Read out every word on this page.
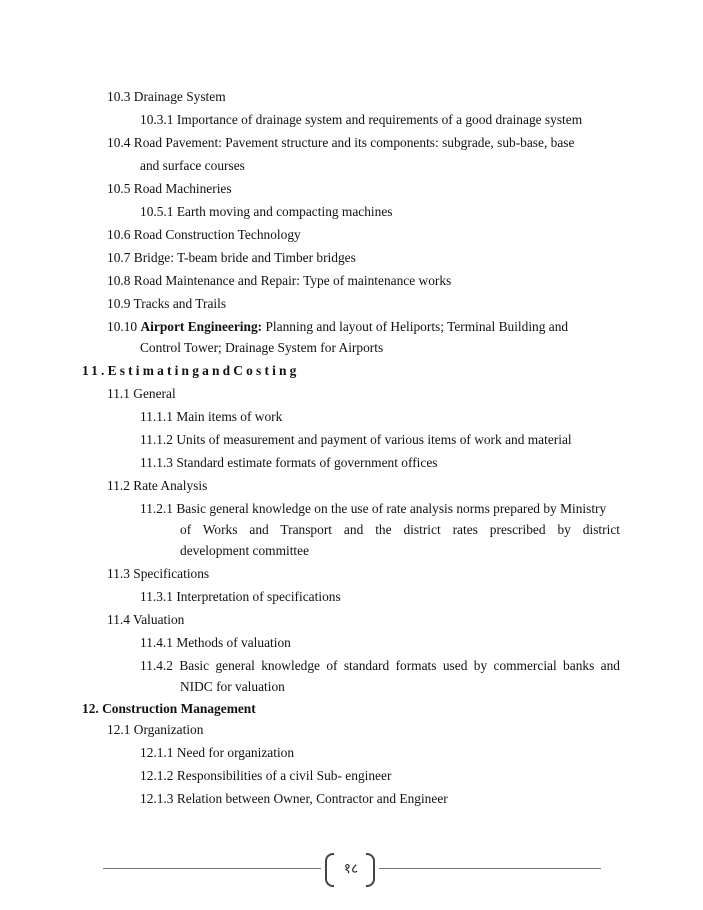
10.3 Drainage System
10.3.1 Importance of drainage system and requirements of a good drainage system
10.4 Road Pavement: Pavement structure and its components: subgrade, sub-base, base
and surface courses
10.5 Road Machineries
10.5.1 Earth moving and compacting machines
10.6 Road Construction Technology
10.7 Bridge: T-beam bride and Timber bridges
10.8 Road Maintenance and Repair: Type of maintenance works
10.9 Tracks and Trails
10.10 Airport Engineering: Planning and layout of Heliports; Terminal Building and
Control Tower; Drainage System for Airports
11.EstimatingandCosting
11.1 General
11.1.1 Main items of work
11.1.2 Units of measurement and payment of various items of work and material
11.1.3 Standard estimate formats of government offices
11.2 Rate Analysis
11.2.1 Basic general knowledge on the use of rate analysis norms prepared by Ministry
of Works and Transport and the district rates prescribed by district
development committee
11.3 Specifications
11.3.1 Interpretation of specifications
11.4 Valuation
11.4.1 Methods of valuation
11.4.2 Basic general knowledge of standard formats used by commercial banks and
NIDC for valuation
12. Construction Management
12.1 Organization
12.1.1 Need for organization
12.1.2 Responsibilities of a civil Sub- engineer
12.1.3 Relation between Owner, Contractor and Engineer
१८
